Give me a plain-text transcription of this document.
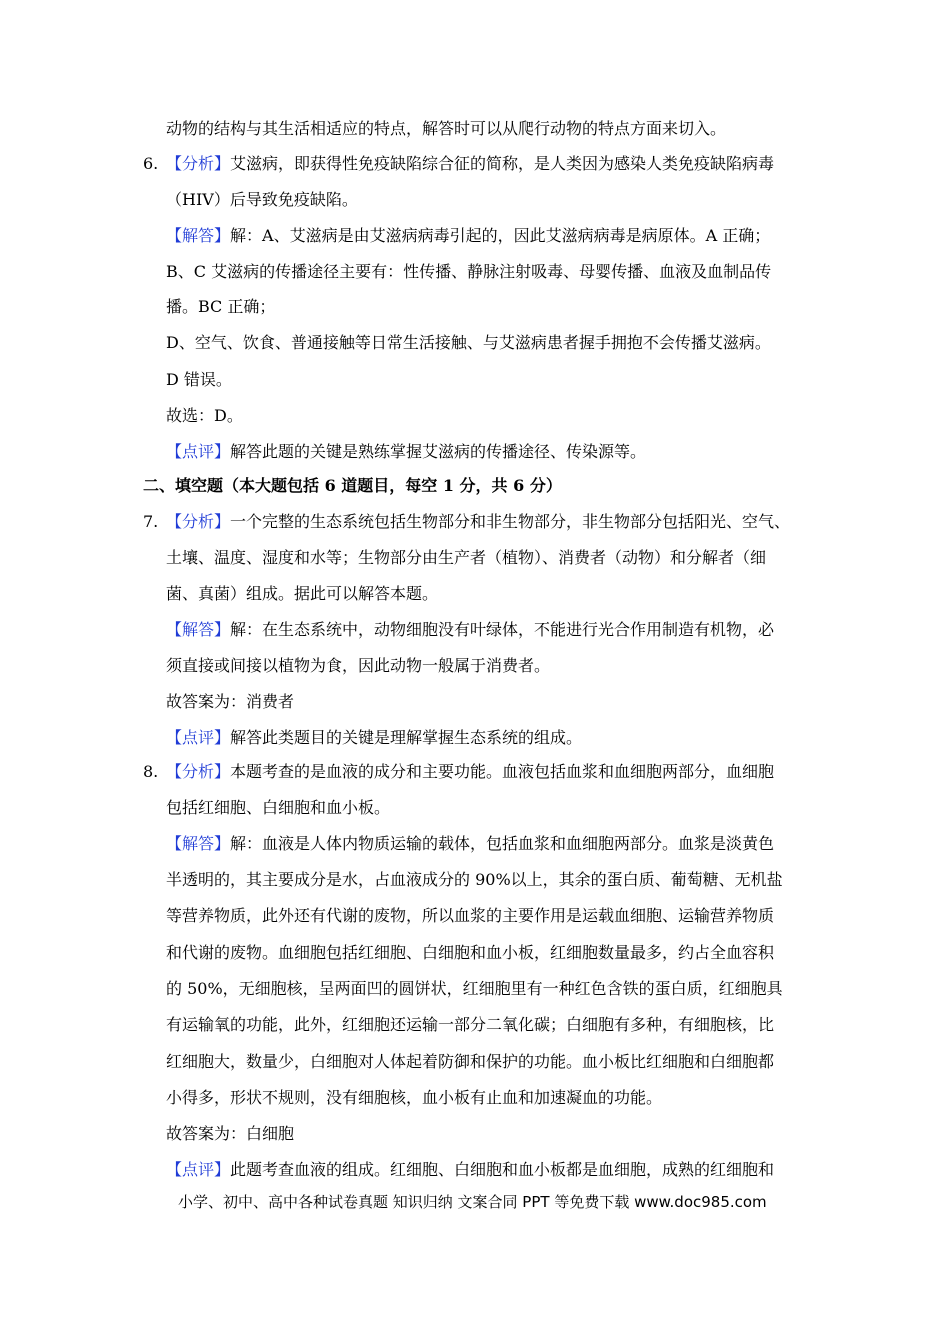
动物的结构与其生活相适应的特点，解答时可以从爬行动物的特点方面来切入。
6. 【分析】艾滋病，即获得性免疫缺陷综合征的简称，是人类因为感染人类免疫缺陷病毒
（HIV）后导致免疫缺陷。
【解答】解：A、艾滋病是由艾滋病病毒引起的，因此艾滋病病毒是病原体。A 正确；
B、C 艾滋病的传播途径主要有：性传播、静脉注射吸毒、母婴传播、血液及血制品传
播。BC 正确；
D、空气、饮食、普通接触等日常生活接触、与艾滋病患者握手拥抱不会传播艾滋病。
D 错误。
故选：D。
【点评】解答此题的关键是熟练掌握艾滋病的传播途径、传染源等。
二、填空题（本大题包括 6 道题目，每空 1 分，共 6 分）
7. 【分析】一个完整的生态系统包括生物部分和非生物部分，非生物部分包括阳光、空气、
土壤、温度、湿度和水等；生物部分由生产者（植物）、消费者（动物）和分解者（细
菌、真菌）组成。据此可以解答本题。
【解答】解：在生态系统中，动物细胞没有叶绿体，不能进行光合作用制造有机物，必
须直接或间接以植物为食，因此动物一般属于消费者。
故答案为：消费者
【点评】解答此类题目的关键是理解掌握生态系统的组成。
8. 【分析】本题考查的是血液的成分和主要功能。血液包括血浆和血细胞两部分，血细胞
包括红细胞、白细胞和血小板。
【解答】解：血液是人体内物质运输的载体，包括血浆和血细胞两部分。血浆是淡黄色
半透明的，其主要成分是水，占血液成分的 90%以上，其余的蛋白质、葡萄糖、无机盐
等营养物质，此外还有代谢的废物，所以血浆的主要作用是运载血细胞、运输营养物质
和代谢的废物。血细胞包括红细胞、白细胞和血小板，红细胞数量最多，约占全血容积
的 50%，无细胞核，呈两面凹的圆饼状，红细胞里有一种红色含铁的蛋白质，红细胞具
有运输氧的功能，此外，红细胞还运输一部分二氧化碳；白细胞有多种，有细胞核，比
红细胞大，数量少，白细胞对人体起着防御和保护的功能。血小板比红细胞和白细胞都
小得多，形状不规则，没有细胞核，血小板有止血和加速凝血的功能。
故答案为：白细胞
【点评】此题考查血液的组成。红细胞、白细胞和血小板都是血细胞，成熟的红细胞和
小学、初中、高中各种试卷真题 知识归纳 文案合同 PPT 等免费下载 www.doc985.com
